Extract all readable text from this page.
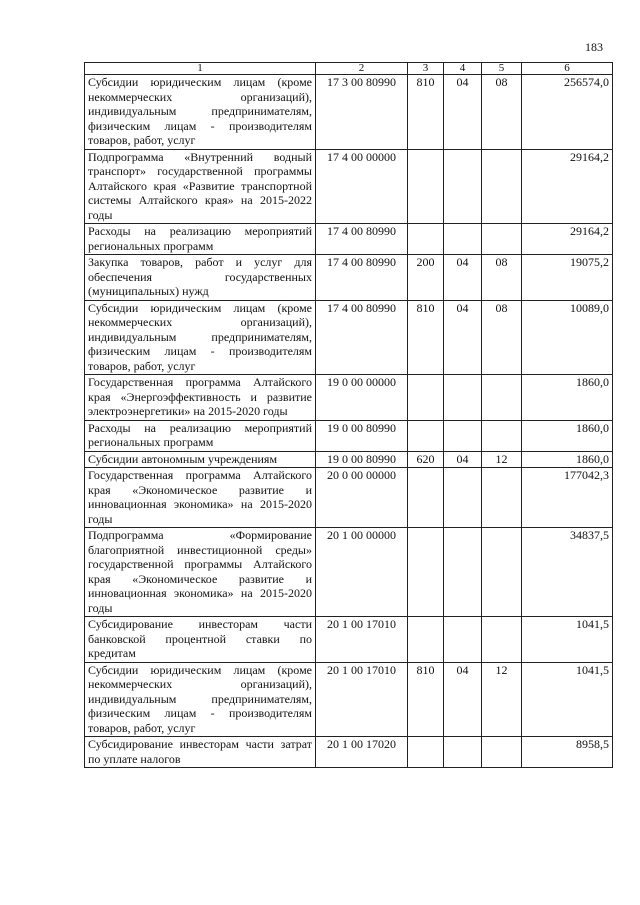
183
1	2	3	4	5	6
Субсидии юридическим лицам (кроме некоммерческих организаций), индивидуальным предпринимателям, физическим лицам - производителям товаров, работ, услуг	17 3 00 80990	810	04	08	256574,0
Подпрограмма «Внутренний водный транспорт» государственной программы Алтайского края «Развитие транспортной системы Алтайского края» на 2015-2022 годы	17 4 00 00000				29164,2
Расходы на реализацию мероприятий региональных программ	17 4 00 80990				29164,2
Закупка товаров, работ и услуг для обеспечения государственных (муниципальных) нужд	17 4 00 80990	200	04	08	19075,2
Субсидии юридическим лицам (кроме некоммерческих организаций), индивидуальным предпринимателям, физическим лицам - производителям товаров, работ, услуг	17 4 00 80990	810	04	08	10089,0
Государственная программа Алтайского края «Энергоэффективность и развитие электроэнергетики» на 2015-2020 годы	19 0 00 00000				1860,0
Расходы на реализацию мероприятий региональных программ	19 0 00 80990				1860,0
Субсидии автономным учреждениям	19 0 00 80990	620	04	12	1860,0
Государственная программа Алтайского края «Экономическое развитие и инновационная экономика» на 2015-2020 годы	20 0 00 00000				177042,3
Подпрограмма «Формирование благоприятной инвестиционной среды» государственной программы Алтайского края «Экономическое развитие и инновационная экономика» на 2015-2020 годы	20 1 00 00000				34837,5
Субсидирование инвесторам части банковской процентной ставки по кредитам	20 1 00 17010				1041,5
Субсидии юридическим лицам (кроме некоммерческих организаций), индивидуальным предпринимателям, физическим лицам - производителям товаров, работ, услуг	20 1 00 17010	810	04	12	1041,5
Субсидирование инвесторам части затрат по уплате налогов	20 1 00 17020				8958,5
